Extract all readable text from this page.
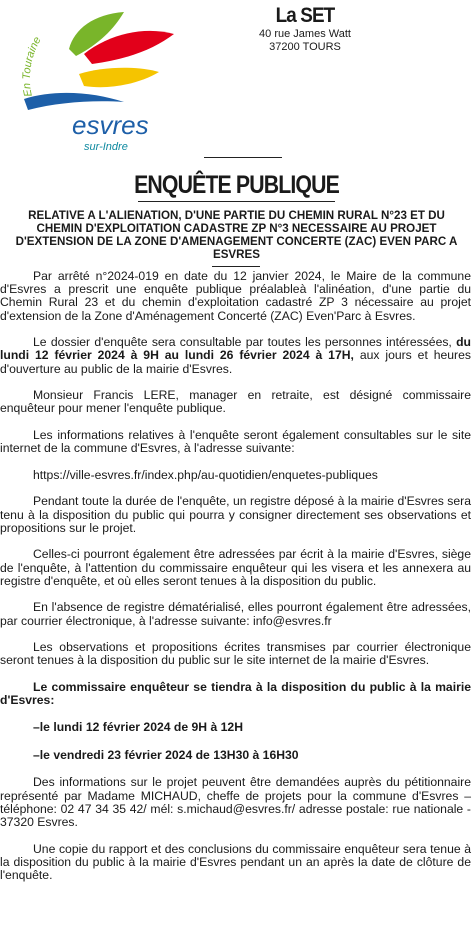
En Touraine
esvres
sur-Indre
La SET
40 rue James Watt
37200 TOURS
ENQUÊTE PUBLIQUE
RELATIVE A L'ALIENATION, D'UNE PARTIE DU CHEMIN RURAL N°23 ET DU CHEMIN D'EXPLOITATION CADASTRE ZP N°3 NECESSAIRE AU PROJET D'EXTENSION DE LA ZONE D'AMENAGEMENT CONCERTE (ZAC) EVEN PARC A ESVRES

Par arrêté n°2024-019 en date du 12 janvier 2024, le Maire de la commune d'Esvres a prescrit une enquête publique préalableà l'alinéation, d'une partie du Chemin Rural 23 et du chemin d'exploitation cadastré ZP 3 nécessaire au projet d'extension de la Zone d'Aménagement Concerté (ZAC) Even'Parc à Esvres.

Le dossier d'enquête sera consultable par toutes les personnes intéressées, du lundi 12 février 2024 à 9H au lundi 26 février 2024 à 17H, aux jours et heures d'ouverture au public de la mairie d'Esvres.

Monsieur Francis LERE, manager en retraite, est désigné commissaire enquêteur pour mener l'enquête publique.

Les informations relatives à l'enquête seront également consultables sur le site internet de la commune d'Esvres, à l'adresse suivante:

https://ville-esvres.fr/index.php/au-quotidien/enquetes-publiques

Pendant toute la durée de l'enquête, un registre déposé à la mairie d'Esvres sera tenu à la disposition du public qui pourra y consigner directement ses observations et propositions sur le projet.

Celles-ci pourront également être adressées par écrit à la mairie d'Esvres, siège de l'enquête, à l'attention du commissaire enquêteur qui les visera et les annexera au registre d'enquête, et où elles seront tenues à la disposition du public.

En l'absence de registre dématérialisé, elles pourront également être adressées, par courrier électronique, à l'adresse suivante: info@esvres.fr

Les observations et propositions écrites transmises par courrier électronique seront tenues à la disposition du public sur le site internet de la mairie d'Esvres.

Le commissaire enquêteur se tiendra à la disposition du public à la mairie d'Esvres:

–le lundi 12 février 2024 de 9H à 12H

–le vendredi 23 février 2024 de 13H30 à 16H30

Des informations sur le projet peuvent être demandées auprès du pétitionnaire représenté par Madame MICHAUD, cheffe de projets pour la commune d'Esvres – téléphone: 02 47 34 35 42/ mél: s.michaud@esvres.fr/ adresse postale: rue nationale - 37320 Esvres.

Une copie du rapport et des conclusions du commissaire enquêteur sera tenue à la disposition du public à la mairie d'Esvres pendant un an après la date de clôture de l'enquête.
